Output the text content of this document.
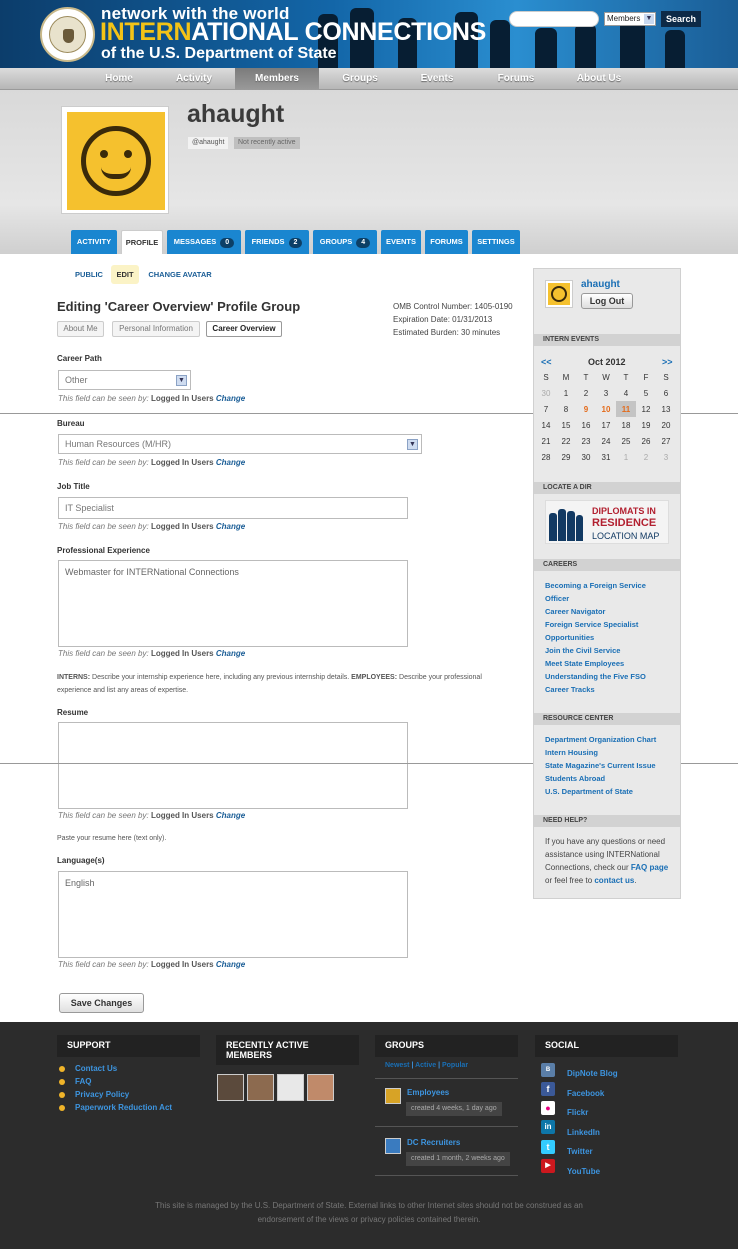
network with the world
INTERNATIONAL CONNECTIONS
of the U.S. Department of State
Members ▼	Search
Home	Activity	Members	Groups	Events	Forums	About Us
ahaught
@ahaught	Not recently active
ACTIVITY	PROFILE	MESSAGES 0	FRIENDS 2	GROUPS 4	EVENTS	FORUMS	SETTINGS
PUBLIC	EDIT	CHANGE AVATAR
Editing 'Career Overview' Profile Group	OMB Control Number: 1405-0190
Expiration Date: 01/31/2013
Estimated Burden: 30 minutes
About Me	Personal Information	Career Overview
Career Path
Other	▼
This field can be seen by: Logged In Users Change
Bureau
Human Resources (M/HR)	▼
This field can be seen by: Logged In Users Change
Job Title
IT Specialist
This field can be seen by: Logged In Users Change
Professional Experience
Webmaster for INTERNational Connections
This field can be seen by: Logged In Users Change
INTERNS: Describe your internship experience here, including any previous internship details. EMPLOYEES: Describe your professional experience and list any areas of expertise.
Resume
This field can be seen by: Logged In Users Change
Paste your resume here (text only).
Language(s)
English
This field can be seen by: Logged In Users Change
Save Changes
ahaught
Log Out
INTERN EVENTS
<<	Oct 2012	>>
S	M	T	W	T	F	S
30	1	2	3	4	5	6
7	8	9	10	11	12	13
14	15	16	17	18	19	20
21	22	23	24	25	26	27
28	29	30	31	1	2	3
LOCATE A DIR
DIPLOMATS IN
RESIDENCE
LOCATION MAP
CAREERS
Becoming a Foreign Service
Officer
Career Navigator
Foreign Service Specialist
Opportunities
Join the Civil Service
Meet State Employees
Understanding the Five FSO
Career Tracks
RESOURCE CENTER
Department Organization Chart
Intern Housing
State Magazine's Current Issue
Students Abroad
U.S. Department of State
NEED HELP?
If you have any questions or need assistance using INTERNational Connections, check our FAQ page or feel free to contact us.
SUPPORT
Contact Us
FAQ
Privacy Policy
Paperwork Reduction Act
RECENTLY ACTIVE
MEMBERS
GROUPS
Newest | Active | Popular
Employees
created 4 weeks, 1 day ago
DC Recruiters
created 1 month, 2 weeks ago
SOCIAL
B	DipNote Blog
f	Facebook
●	Flickr
in
LinkedIn
t	Twitter
▶
YouTube
This site is managed by the U.S. Department of State. External links to other Internet sites should not be construed as an endorsement of the views or privacy policies contained therein.
